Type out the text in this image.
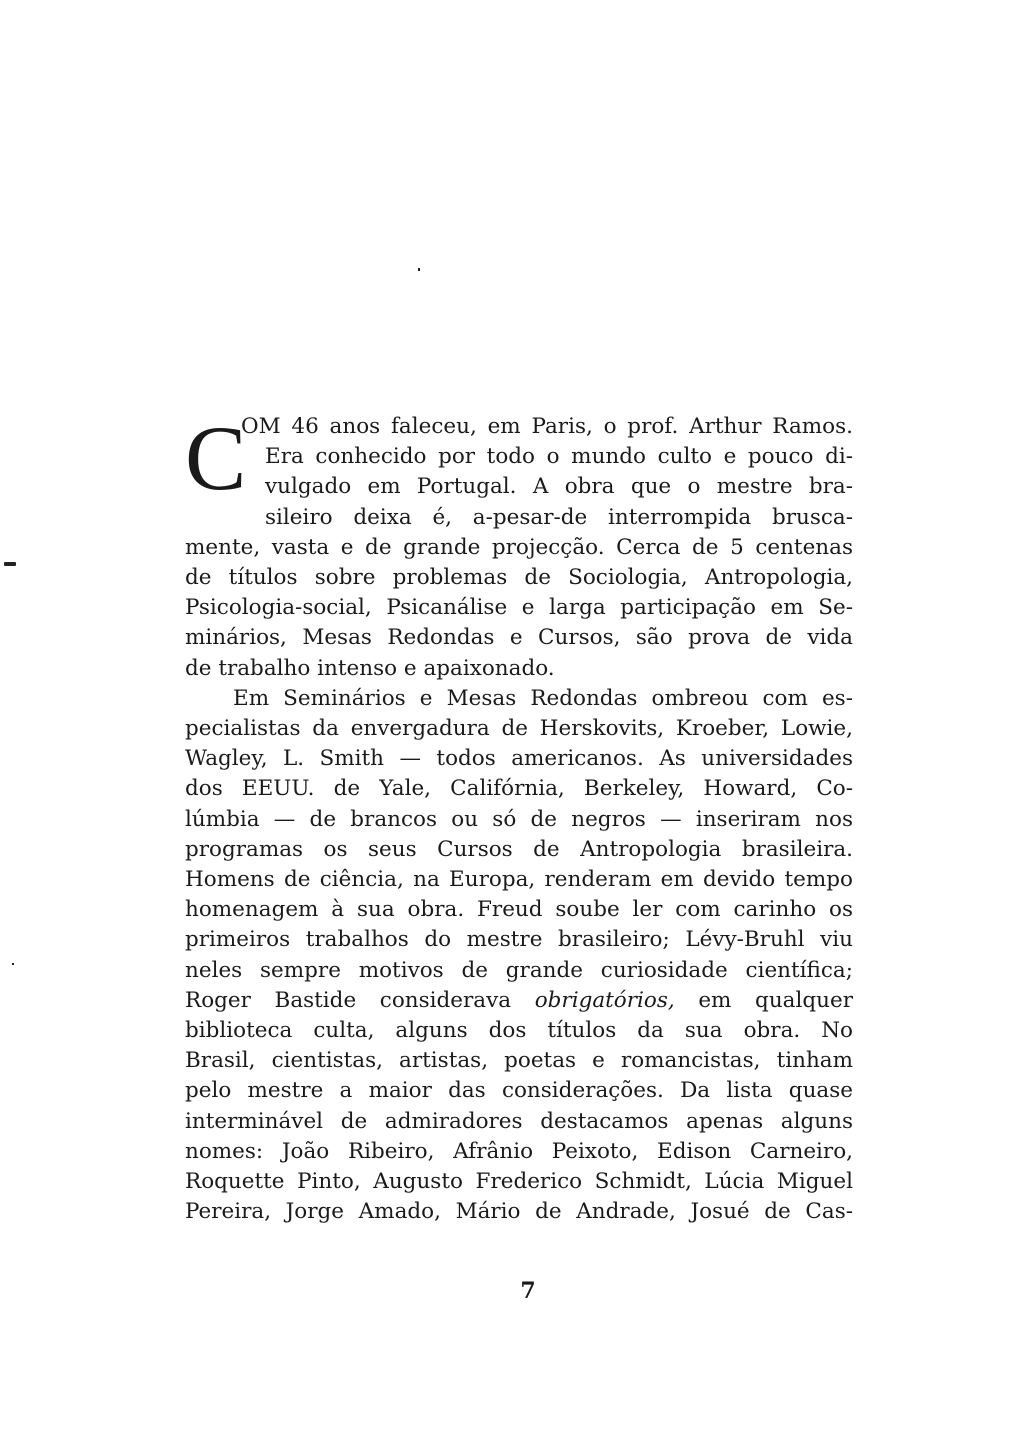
C
OM 46 anos faleceu, em Paris, o prof. Arthur Ramos.
Era conhecido por todo o mundo culto e pouco di-
vulgado em Portugal. A obra que o mestre bra-
sileiro deixa é, a-pesar-de interrompida brusca-
mente, vasta e de grande projecção. Cerca de 5 centenas
de títulos sobre problemas de Sociologia, Antropologia,
Psicologia-social, Psicanálise e larga participação em Se-
minários, Mesas Redondas e Cursos, são prova de vida
de trabalho intenso e apaixonado.
Em Seminários e Mesas Redondas ombreou com es-
pecialistas da envergadura de Herskovits, Kroeber, Lowie,
Wagley, L. Smith — todos americanos. As universidades
dos EEUU. de Yale, Califórnia, Berkeley, Howard, Co-
lúmbia — de brancos ou só de negros — inseriram nos
programas os seus Cursos de Antropologia brasileira.
Homens de ciência, na Europa, renderam em devido tempo
homenagem à sua obra. Freud soube ler com carinho os
primeiros trabalhos do mestre brasileiro; Lévy-Bruhl viu
neles sempre motivos de grande curiosidade científica;
Roger Bastide considerava obrigatórios, em qualquer
biblioteca culta, alguns dos títulos da sua obra. No
Brasil, cientistas, artistas, poetas e romancistas, tinham
pelo mestre a maior das considerações. Da lista quase
interminável de admiradores destacamos apenas alguns
nomes: João Ribeiro, Afrânio Peixoto, Edison Carneiro,
Roquette Pinto, Augusto Frederico Schmidt, Lúcia Miguel
Pereira, Jorge Amado, Mário de Andrade, Josué de Cas-
7
